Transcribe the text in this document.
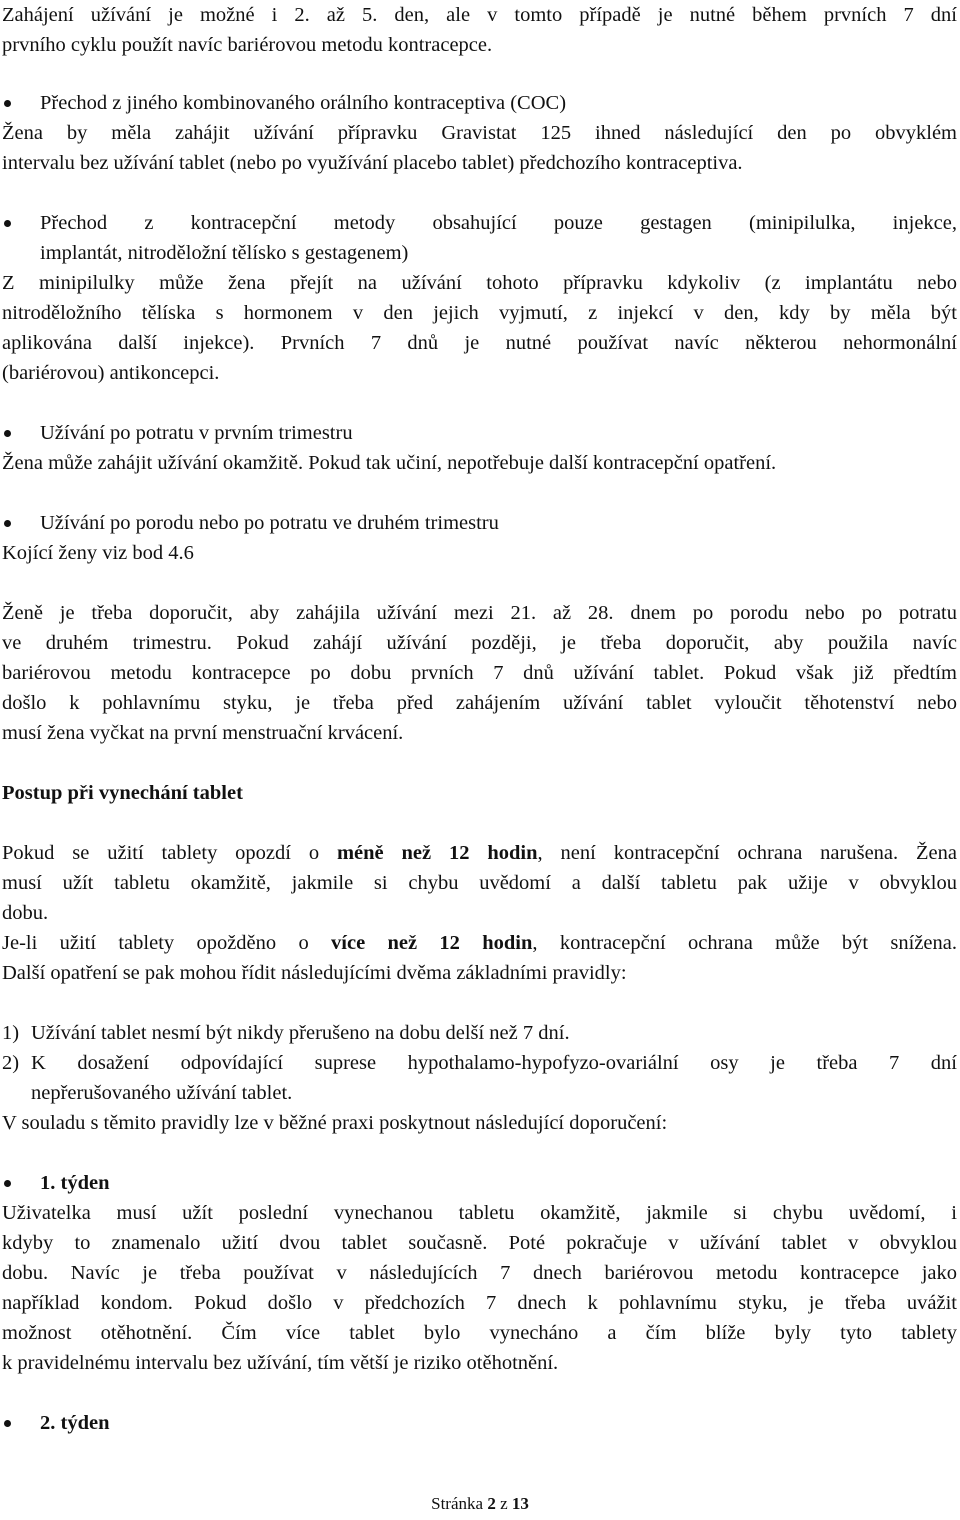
Zahájení užívání je možné i 2. až 5. den, ale v tomto případě je nutné během prvních 7 dní

prvního cyklu použít navíc bariérovou metodu kontracepce.

Přechod z jiného kombinovaného orálního kontraceptiva (COC)

Žena by měla zahájit užívání přípravku Gravistat 125 ihned následující den po obvyklém

intervalu bez užívání tablet (nebo po využívání placebo tablet) předchozího kontraceptiva.

Přechod z kontracepční metody obsahující pouze gestagen (minipilulka, injekce,

implantát, nitroděložní tělísko s gestagenem)

Z minipilulky může žena přejít na užívání tohoto přípravku kdykoliv (z implantátu nebo

nitroděložního tělíska s hormonem v den jejich vyjmutí, z injekcí v den, kdy by měla být

aplikována další injekce). Prvních 7 dnů je nutné používat navíc některou nehormonální

(bariérovou) antikoncepci.

Užívání po potratu v prvním trimestru

Žena může zahájit užívání okamžitě. Pokud tak učiní, nepotřebuje další kontracepční opatření.

Užívání po porodu nebo po potratu ve druhém trimestru

Kojící ženy viz bod 4.6

Ženě je třeba doporučit, aby zahájila užívání mezi 21. až 28. dnem po porodu nebo po potratu

ve druhém trimestru. Pokud zahájí užívání později, je třeba doporučit, aby použila navíc

bariérovou metodu kontracepce po dobu prvních 7 dnů užívání tablet. Pokud však již předtím

došlo k pohlavnímu styku, je třeba před zahájením užívání tablet vyloučit těhotenství nebo

musí žena vyčkat na první menstruační krvácení.

Postup při vynechání tablet

Pokud se užití tablety opozdí o méně než 12 hodin, není kontracepční ochrana narušena. Žena

musí užít tabletu okamžitě, jakmile si chybu uvědomí a další tabletu pak užije v obvyklou

dobu.

Je-li užití tablety opožděno o více než 12 hodin, kontracepční ochrana může být snížena.

Další opatření se pak mohou řídit následujícími dvěma základními pravidly:

1) Užívání tablet nesmí být nikdy přerušeno na dobu delší než 7 dní.

2) K dosažení odpovídající suprese hypothalamo-hypofyzo-ovariální osy je třeba 7 dní

nepřerušovaného užívání tablet.

V souladu s těmito pravidly lze v běžné praxi poskytnout následující doporučení:

1. týden

Uživatelka musí užít poslední vynechanou tabletu okamžitě, jakmile si chybu uvědomí, i

kdyby to znamenalo užití dvou tablet současně. Poté pokračuje v užívání tablet v obvyklou

dobu. Navíc je třeba používat v následujících 7 dnech bariérovou metodu kontracepce jako

například kondom. Pokud došlo v předchozích 7 dnech k pohlavnímu styku, je třeba uvážit

možnost otěhotnění. Čím více tablet bylo vynecháno a čím blíže byly tyto tablety

k pravidelnému intervalu bez užívání, tím větší je riziko otěhotnění.

2. týden

Stránka 2 z 13
